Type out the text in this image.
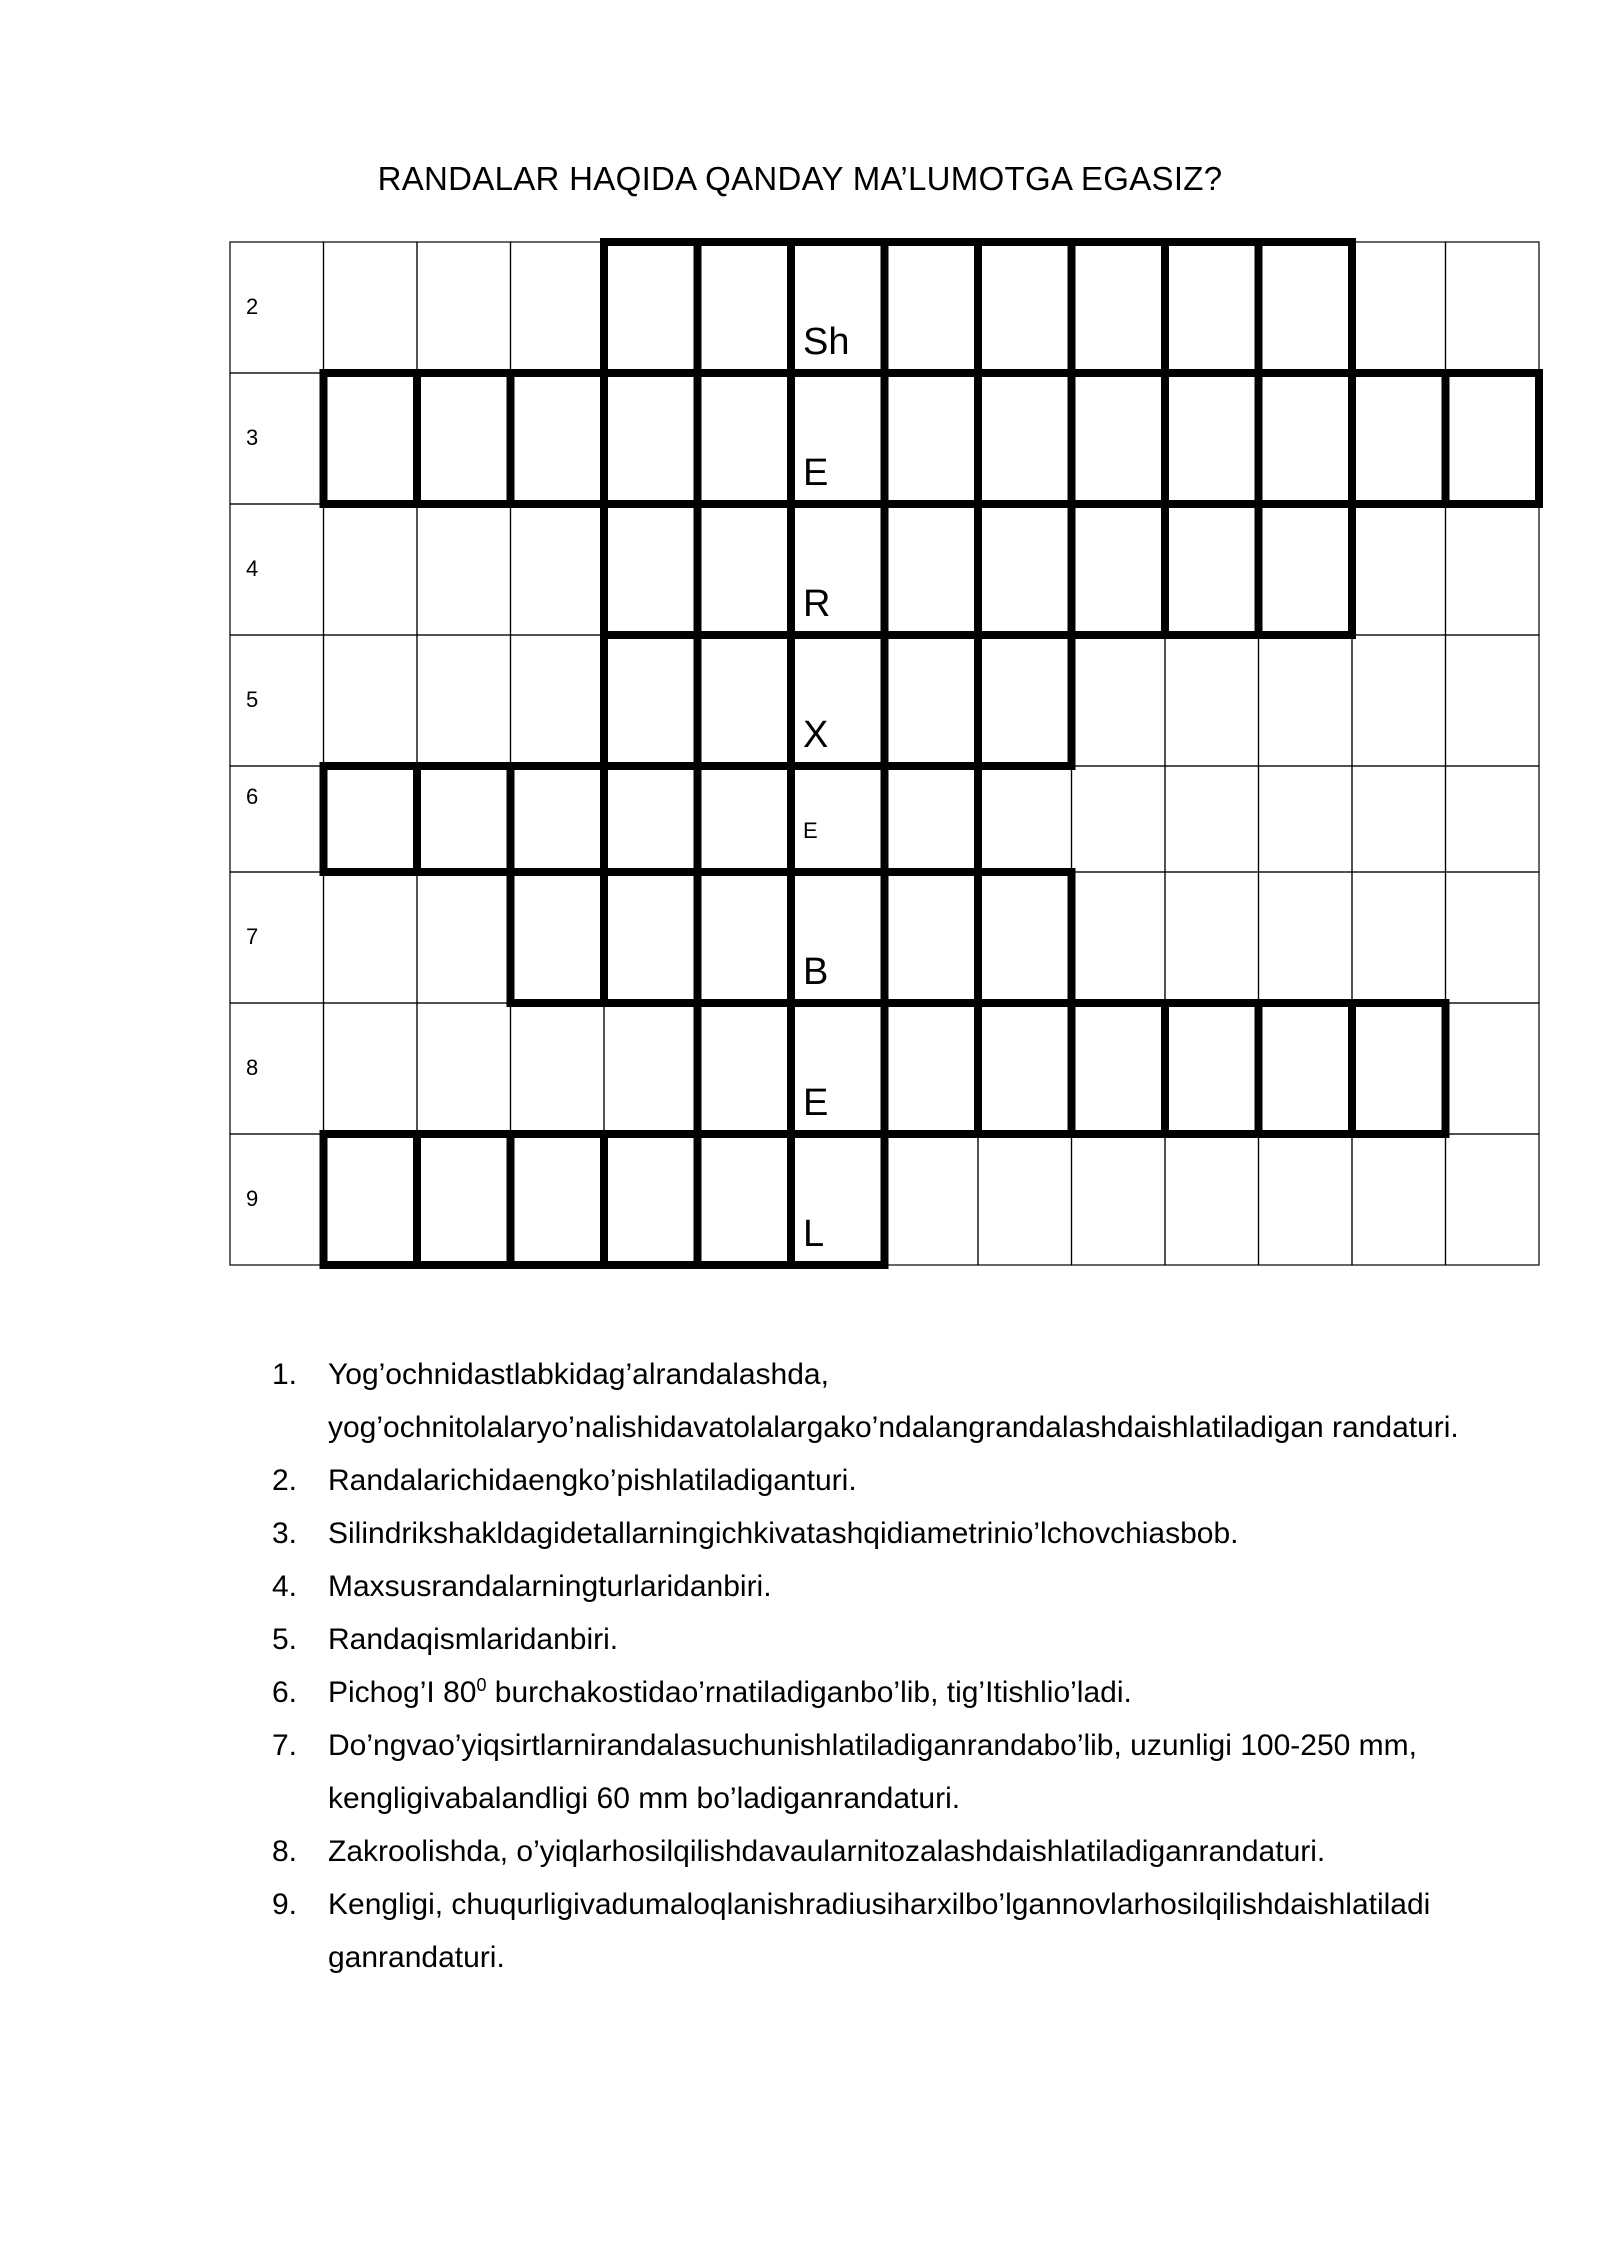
RANDALAR HAQIDA QANDAY MA’LUMOTGA EGASIZ?
2
Sh
3
E
4
R
5
X
6
E
7
B
8
E
9
L
1. Yog’ochnidastlabkidag’alrandalashda, yog’ochnitolalaryo’nalishidavatolalargako’ndalangrandalashdaishlatiladigan randaturi.
2. Randalarichidaengko’pishlatiladiganturi.
3. Silindrikshakldagidetallarningichkivatashqidiametrinio’lchovchiasbob.
4. Maxsusrandalarningturlaridanbiri.
5. Randaqismlaridanbiri.
6. Pichog’I $80^0$ burchakostidao’rnatiladiganbo’lib, tig’Itishlio’ladi.
7. Do’ngvao’yiqsirtlarnirandalasuchunishlatiladiganrandabo’lib, uzunligi 100-250 mm, kengligivabalandligi 60 mm bo’ladiganrandaturi.
8. Zakroolishda, o’yiqlarhosilqilishdavaularnitozalashdaishlatiladiganrandaturi.
9. Kengligi, chuqurligivadumaloqlanishradiusiharxilbo’lgannovlarhosilqilishdaishlatiladi ganrandaturi.
